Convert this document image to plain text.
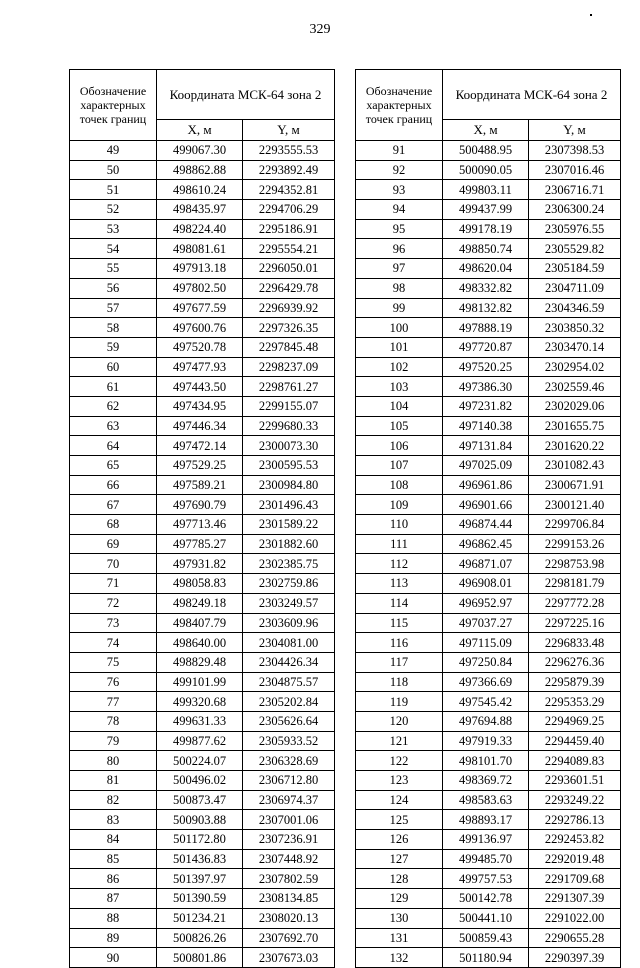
329
Обозначение характерных точек границ	Координата МСК-64 зона 2	
	X, м	Y, м
49	499067.30	2293555.53
50	498862.88	2293892.49
51	498610.24	2294352.81
52	498435.97	2294706.29
53	498224.40	2295186.91
54	498081.61	2295554.21
55	497913.18	2296050.01
56	497802.50	2296429.78
57	497677.59	2296939.92
58	497600.76	2297326.35
59	497520.78	2297845.48
60	497477.93	2298237.09
61	497443.50	2298761.27
62	497434.95	2299155.07
63	497446.34	2299680.33
64	497472.14	2300073.30
65	497529.25	2300595.53
66	497589.21	2300984.80
67	497690.79	2301496.43
68	497713.46	2301589.22
69	497785.27	2301882.60
70	497931.82	2302385.75
71	498058.83	2302759.86
72	498249.18	2303249.57
73	498407.79	2303609.96
74	498640.00	2304081.00
75	498829.48	2304426.34
76	499101.99	2304875.57
77	499320.68	2305202.84
78	499631.33	2305626.64
79	499877.62	2305933.52
80	500224.07	2306328.69
81	500496.02	2306712.80
82	500873.47	2306974.37
83	500903.88	2307001.06
84	501172.80	2307236.91
85	501436.83	2307448.92
86	501397.97	2307802.59
87	501390.59	2308134.85
88	501234.21	2308020.13
89	500826.26	2307692.70
90	500801.86	2307673.03
Обозначение характерных точек границ	Координата МСК-64 зона 2	
	X, м	Y, м
91	500488.95	2307398.53
92	500090.05	2307016.46
93	499803.11	2306716.71
94	499437.99	2306300.24
95	499178.19	2305976.55
96	498850.74	2305529.82
97	498620.04	2305184.59
98	498332.82	2304711.09
99	498132.82	2304346.59
100	497888.19	2303850.32
101	497720.87	2303470.14
102	497520.25	2302954.02
103	497386.30	2302559.46
104	497231.82	2302029.06
105	497140.38	2301655.75
106	497131.84	2301620.22
107	497025.09	2301082.43
108	496961.86	2300671.91
109	496901.66	2300121.40
110	496874.44	2299706.84
111	496862.45	2299153.26
112	496871.07	2298753.98
113	496908.01	2298181.79
114	496952.97	2297772.28
115	497037.27	2297225.16
116	497115.09	2296833.48
117	497250.84	2296276.36
118	497366.69	2295879.39
119	497545.42	2295353.29
120	497694.88	2294969.25
121	497919.33	2294459.40
122	498101.70	2294089.83
123	498369.72	2293601.51
124	498583.63	2293249.22
125	498893.17	2292786.13
126	499136.97	2292453.82
127	499485.70	2292019.48
128	499757.53	2291709.68
129	500142.78	2291307.39
130	500441.10	2291022.00
131	500859.43	2290655.28
132	501180.94	2290397.39
